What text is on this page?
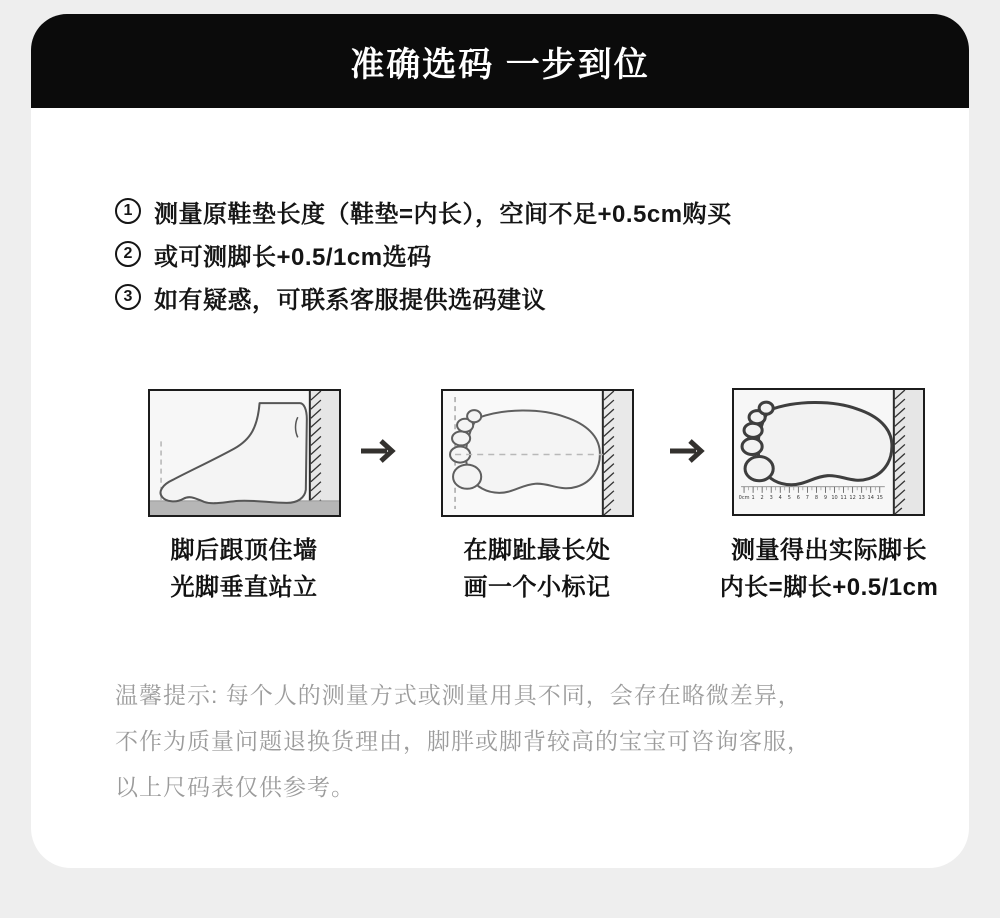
准确选码 一步到位
1 测量原鞋垫长度（鞋垫=内长），空间不足+0.5cm购买
2 或可测脚长+0.5/1cm选码
3 如有疑惑，可联系客服提供选码建议
0cm 1 2 3 4 5 6 7 8 9 10 11 12 13 14 15
脚后跟顶住墙
光脚垂直站立
在脚趾最长处
画一个小标记
测量得出实际脚长
内长=脚长+0.5/1cm
温馨提示: 每个人的测量方式或测量用具不同，会存在略微差异，
不作为质量问题退换货理由，脚胖或脚背较高的宝宝可咨询客服，
以上尺码表仅供参考。
